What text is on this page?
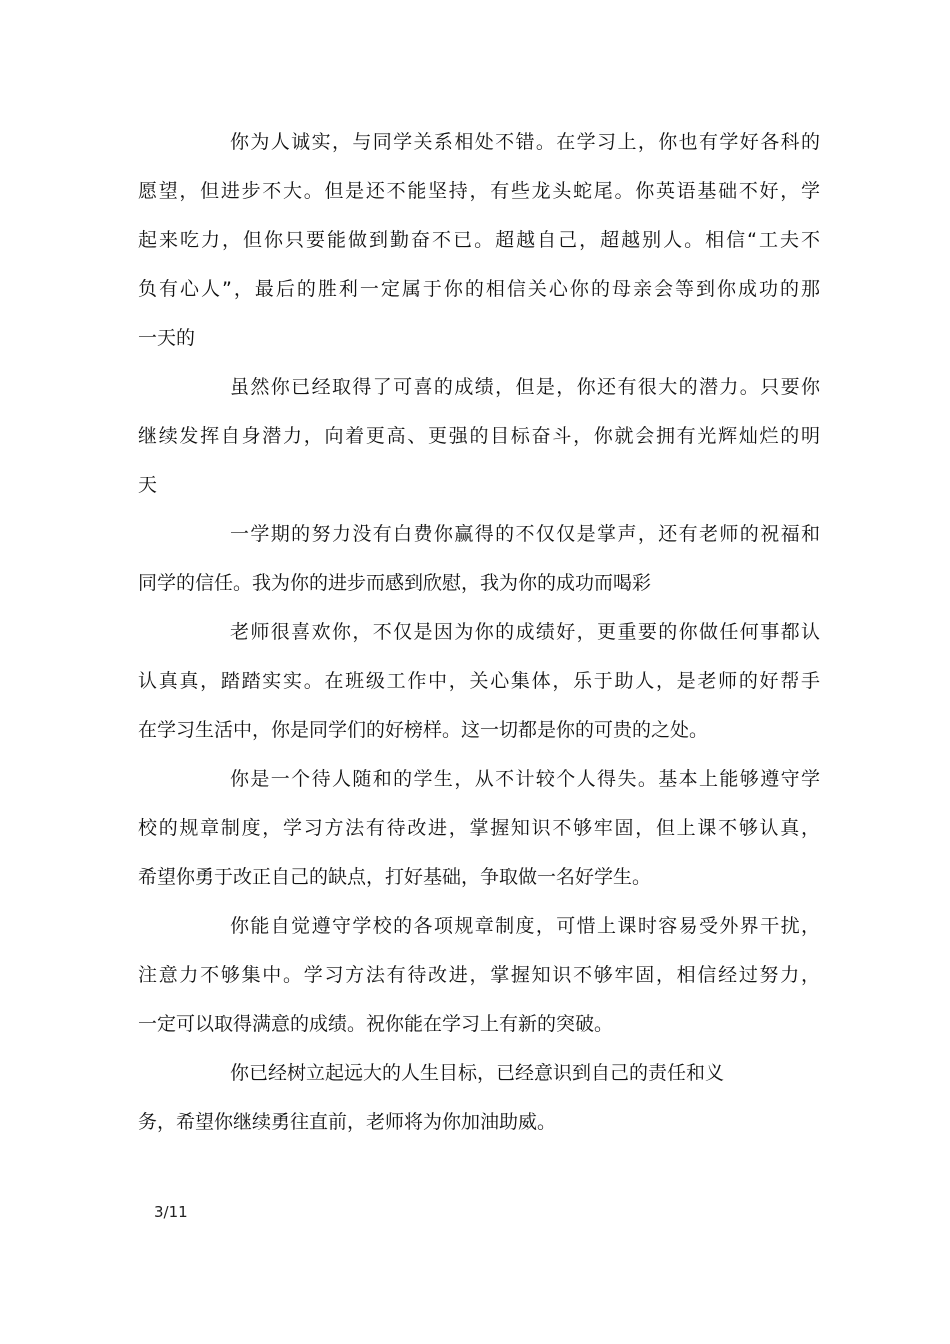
你为人诚实，与同学关系相处不错。在学习上，你也有学好各科的
愿望，但进步不大。但是还不能坚持，有些龙头蛇尾。你英语基础不好，学
起来吃力，但你只要能做到勤奋不已。超越自己，超越别人。相信“工夫不
负有心人”，最后的胜利一定属于你的相信关心你的母亲会等到你成功的那
一天的
虽然你已经取得了可喜的成绩，但是，你还有很大的潜力。只要你
继续发挥自身潜力，向着更高、更强的目标奋斗，你就会拥有光辉灿烂的明
天
一学期的努力没有白费你赢得的不仅仅是掌声，还有老师的祝福和
同学的信任。我为你的进步而感到欣慰，我为你的成功而喝彩
老师很喜欢你，不仅是因为你的成绩好，更重要的你做任何事都认
认真真，踏踏实实。在班级工作中，关心集体，乐于助人，是老师的好帮手
在学习生活中，你是同学们的好榜样。这一切都是你的可贵的之处。
你是一个待人随和的学生，从不计较个人得失。基本上能够遵守学
校的规章制度，学习方法有待改进，掌握知识不够牢固，但上课不够认真，
希望你勇于改正自己的缺点，打好基础，争取做一名好学生。
你能自觉遵守学校的各项规章制度，可惜上课时容易受外界干扰，
注意力不够集中。学习方法有待改进，掌握知识不够牢固，相信经过努力，
一定可以取得满意的成绩。祝你能在学习上有新的突破。
你已经树立起远大的人生目标，已经意识到自己的责任和义
务，希望你继续勇往直前，老师将为你加油助威。
3/11
